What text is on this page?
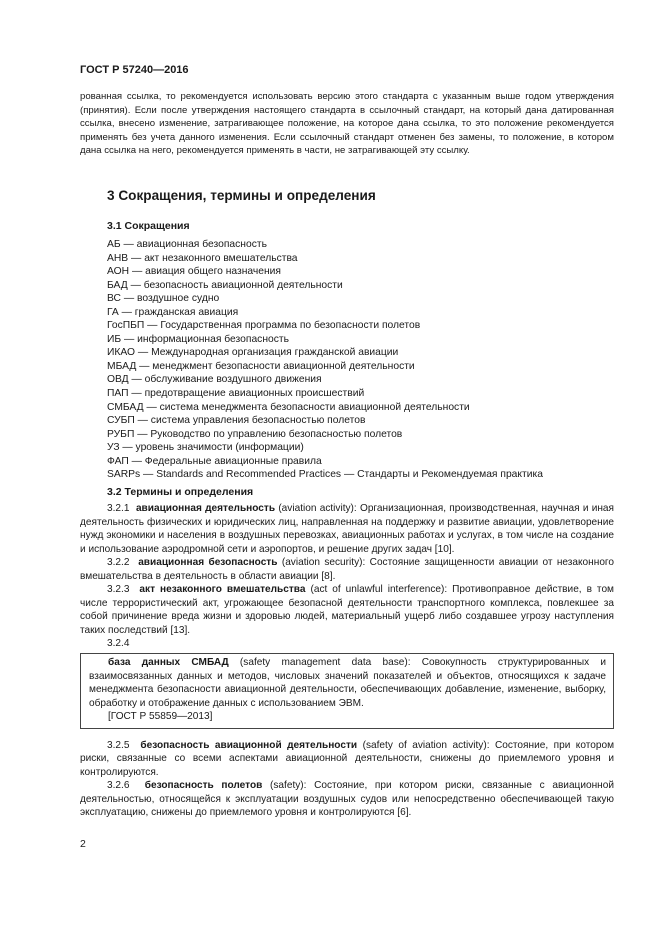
ГОСТ Р 57240—2016

рованная ссылка, то рекомендуется использовать версию этого стандарта с указанным выше годом утверждения (принятия). Если после утверждения настоящего стандарта в ссылочный стандарт, на который дана датированная ссылка, внесено изменение, затрагивающее положение, на которое дана ссылка, то это положение рекомендуется применять без учета данного изменения. Если ссылочный стандарт отменен без замены, то положение, в котором дана ссылка на него, рекомендуется применять в части, не затрагивающей эту ссылку.

3 Сокращения, термины и определения
3.1 Сокращения
АБ — авиационная безопасность
АНВ — акт незаконного вмешательства
АОН — авиация общего назначения
БАД — безопасность авиационной деятельности
ВС — воздушное судно
ГА — гражданская авиация
ГосПБП — Государственная программа по безопасности полетов
ИБ — информационная безопасность
ИКАО — Международная организация гражданской авиации
МБАД — менеджмент безопасности авиационной деятельности
ОВД — обслуживание воздушного движения
ПАП — предотвращение авиационных происшествий
СМБАД — система менеджмента безопасности авиационной деятельности
СУБП — система управления безопасностью полетов
РУБП — Руководство по управлению безопасностью полетов
УЗ — уровень значимости (информации)
ФАП — Федеральные авиационные правила
SARPs — Standards and Recommended Practices — Стандарты и Рекомендуемая практика
3.2 Термины и определения

3.2.1 авиационная деятельность (aviation activity): Организационная, производственная, научная и иная деятельность физических и юридических лиц, направленная на поддержку и развитие авиации, удовлетворение нужд экономики и населения в воздушных перевозках, авиационных работах и услугах, в том числе на создание и использование аэродромной сети и аэропортов, и решение других задач [10].

3.2.2 авиационная безопасность (aviation security): Состояние защищенности авиации от незаконного вмешательства в деятельность в области авиации [8].

3.2.3 акт незаконного вмешательства (act of unlawful interference): Противоправное действие, в том числе террористический акт, угрожающее безопасной деятельности транспортного комплекса, повлекшее за собой причинение вреда жизни и здоровью людей, материальный ущерб либо создавшее угрозу наступления таких последствий [13].

3.2.4

база данных СМБАД (safety management data base): Совокупность структурированных и взаимосвязанных данных и методов, числовых значений показателей и объектов, относящихся к задаче менеджмента безопасности авиационной деятельности, обеспечивающих добавление, изменение, выборку, обработку и отображение данных с использованием ЭВМ.

[ГОСТ Р 55859—2013]

3.2.5 безопасность авиационной деятельности (safety of aviation activity): Состояние, при котором риски, связанные со всеми аспектами авиационной деятельности, снижены до приемлемого уровня и контролируются.

3.2.6 безопасность полетов (safety): Состояние, при котором риски, связанные с авиационной деятельностью, относящейся к эксплуатации воздушных судов или непосредственно обеспечивающей такую эксплуатацию, снижены до приемлемого уровня и контролируются [6].

2
